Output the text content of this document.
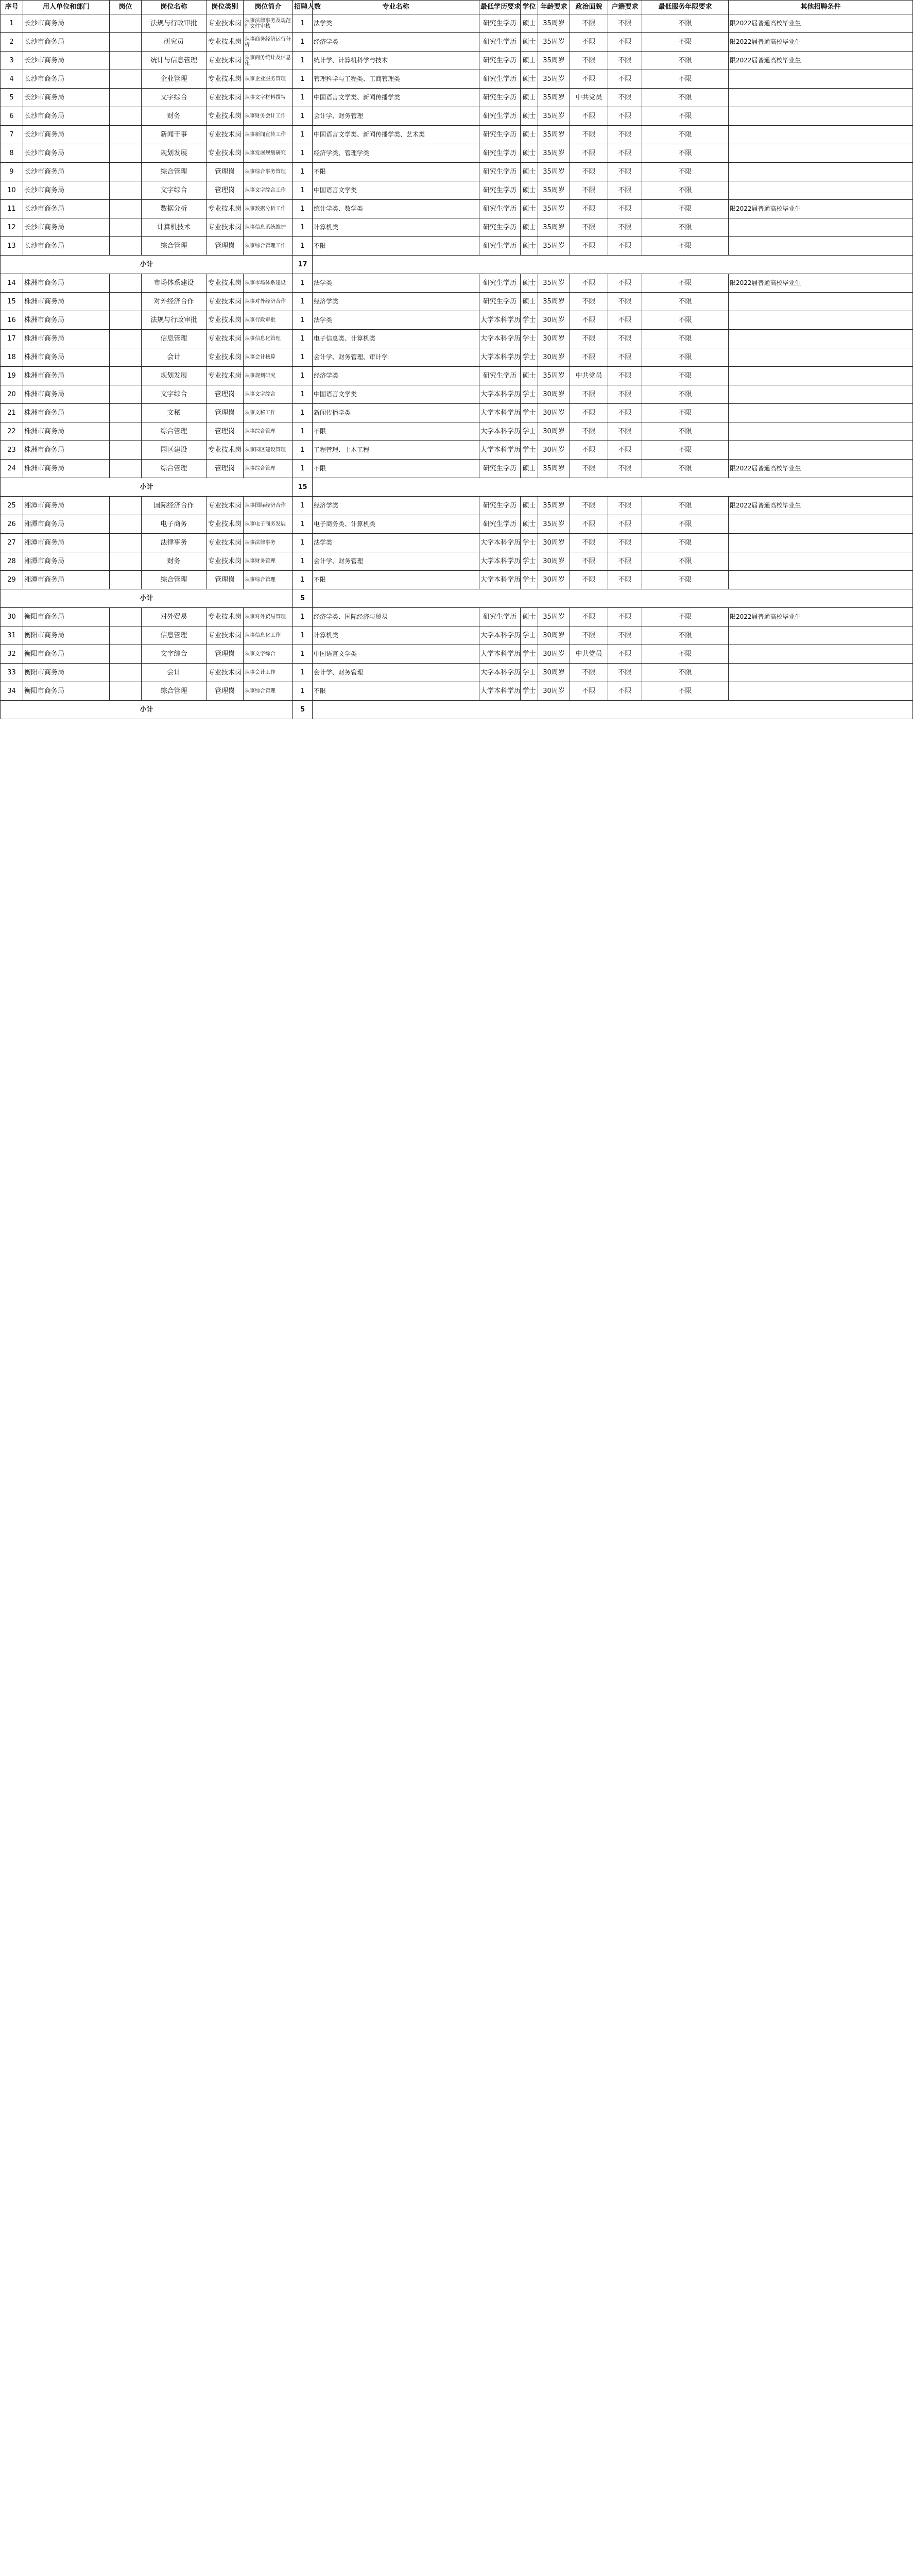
序号	用人单位和部门	岗位	岗位名称	岗位类别	岗位简介	招聘人数	专业名称	最低学历要求	学位	年龄要求	政治面貌	户籍要求	最低服务年限要求	其他招聘条件
1	长沙市商务局		法规与行政审批	专业技术岗	从事法律事务及规范性文件审核	1	法学类	研究生学历	硕士	35周岁	不限	不限	不限	限2022届普通高校毕业生
2	长沙市商务局		研究员	专业技术岗	从事商务经济运行分析	1	经济学类	研究生学历	硕士	35周岁	不限	不限	不限	限2022届普通高校毕业生
3	长沙市商务局		统计与信息管理	专业技术岗	从事商务统计及信息化	1	统计学、计算机科学与技术	研究生学历	硕士	35周岁	不限	不限	不限	限2022届普通高校毕业生
4	长沙市商务局		企业管理	专业技术岗	从事企业服务管理	1	管理科学与工程类、工商管理类	研究生学历	硕士	35周岁	不限	不限	不限	
5	长沙市商务局		文字综合	专业技术岗	从事文字材料撰写	1	中国语言文学类、新闻传播学类	研究生学历	硕士	35周岁	中共党员	不限	不限	
6	长沙市商务局		财务	专业技术岗	从事财务会计工作	1	会计学、财务管理	研究生学历	硕士	35周岁	不限	不限	不限	
7	长沙市商务局		新闻干事	专业技术岗	从事新闻宣传工作	1	中国语言文学类、新闻传播学类、艺术类	研究生学历	硕士	35周岁	不限	不限	不限	
8	长沙市商务局		规划发展	专业技术岗	从事发展规划研究	1	经济学类、管理学类	研究生学历	硕士	35周岁	不限	不限	不限	
9	长沙市商务局		综合管理	管理岗	从事综合事务管理	1	不限	研究生学历	硕士	35周岁	不限	不限	不限	
10	长沙市商务局		文字综合	管理岗	从事文字综合工作	1	中国语言文学类	研究生学历	硕士	35周岁	不限	不限	不限	
11	长沙市商务局		数据分析	专业技术岗	从事数据分析工作	1	统计学类、数学类	研究生学历	硕士	35周岁	不限	不限	不限	限2022届普通高校毕业生
12	长沙市商务局		计算机技术	专业技术岗	从事信息系统维护	1	计算机类	研究生学历	硕士	35周岁	不限	不限	不限	
13	长沙市商务局		综合管理	管理岗	从事综合管理工作	1	不限	研究生学历	硕士	35周岁	不限	不限	不限	
小计						17								
14	株洲市商务局		市场体系建设	专业技术岗	从事市场体系建设	1	法学类	研究生学历	硕士	35周岁	不限	不限	不限	限2022届普通高校毕业生
15	株洲市商务局		对外经济合作	专业技术岗	从事对外经济合作	1	经济学类	研究生学历	硕士	35周岁	不限	不限	不限	
16	株洲市商务局		法规与行政审批	专业技术岗	从事行政审批	1	法学类	大学本科学历	学士	30周岁	不限	不限	不限	
17	株洲市商务局		信息管理	专业技术岗	从事信息化管理	1	电子信息类、计算机类	大学本科学历	学士	30周岁	不限	不限	不限	
18	株洲市商务局		会计	专业技术岗	从事会计核算	1	会计学、财务管理、审计学	大学本科学历	学士	30周岁	不限	不限	不限	
19	株洲市商务局		规划发展	专业技术岗	从事规划研究	1	经济学类	研究生学历	硕士	35周岁	中共党员	不限	不限	
20	株洲市商务局		文字综合	管理岗	从事文字综合	1	中国语言文学类	大学本科学历	学士	30周岁	不限	不限	不限	
21	株洲市商务局		文秘	管理岗	从事文秘工作	1	新闻传播学类	大学本科学历	学士	30周岁	不限	不限	不限	
22	株洲市商务局		综合管理	管理岗	从事综合管理	1	不限	大学本科学历	学士	30周岁	不限	不限	不限	
23	株洲市商务局		园区建设	专业技术岗	从事园区建设管理	1	工程管理、土木工程	大学本科学历	学士	30周岁	不限	不限	不限	
24	株洲市商务局		综合管理	管理岗	从事综合管理	1	不限	研究生学历	硕士	35周岁	不限	不限	不限	限2022届普通高校毕业生
小计						15								
25	湘潭市商务局		国际经济合作	专业技术岗	从事国际经济合作	1	经济学类	研究生学历	硕士	35周岁	不限	不限	不限	限2022届普通高校毕业生
26	湘潭市商务局		电子商务	专业技术岗	从事电子商务发展	1	电子商务类、计算机类	研究生学历	硕士	35周岁	不限	不限	不限	
27	湘潭市商务局		法律事务	专业技术岗	从事法律事务	1	法学类	大学本科学历	学士	30周岁	不限	不限	不限	
28	湘潭市商务局		财务	专业技术岗	从事财务管理	1	会计学、财务管理	大学本科学历	学士	30周岁	不限	不限	不限	
29	湘潭市商务局		综合管理	管理岗	从事综合管理	1	不限	大学本科学历	学士	30周岁	不限	不限	不限	
小计						5								
30	衡阳市商务局		对外贸易	专业技术岗	从事对外贸易管理	1	经济学类、国际经济与贸易	研究生学历	硕士	35周岁	不限	不限	不限	限2022届普通高校毕业生
31	衡阳市商务局		信息管理	专业技术岗	从事信息化工作	1	计算机类	大学本科学历	学士	30周岁	不限	不限	不限	
32	衡阳市商务局		文字综合	管理岗	从事文字综合	1	中国语言文学类	大学本科学历	学士	30周岁	中共党员	不限	不限	
33	衡阳市商务局		会计	专业技术岗	从事会计工作	1	会计学、财务管理	大学本科学历	学士	30周岁	不限	不限	不限	
34	衡阳市商务局		综合管理	管理岗	从事综合管理	1	不限	大学本科学历	学士	30周岁	不限	不限	不限	
小计						5								
